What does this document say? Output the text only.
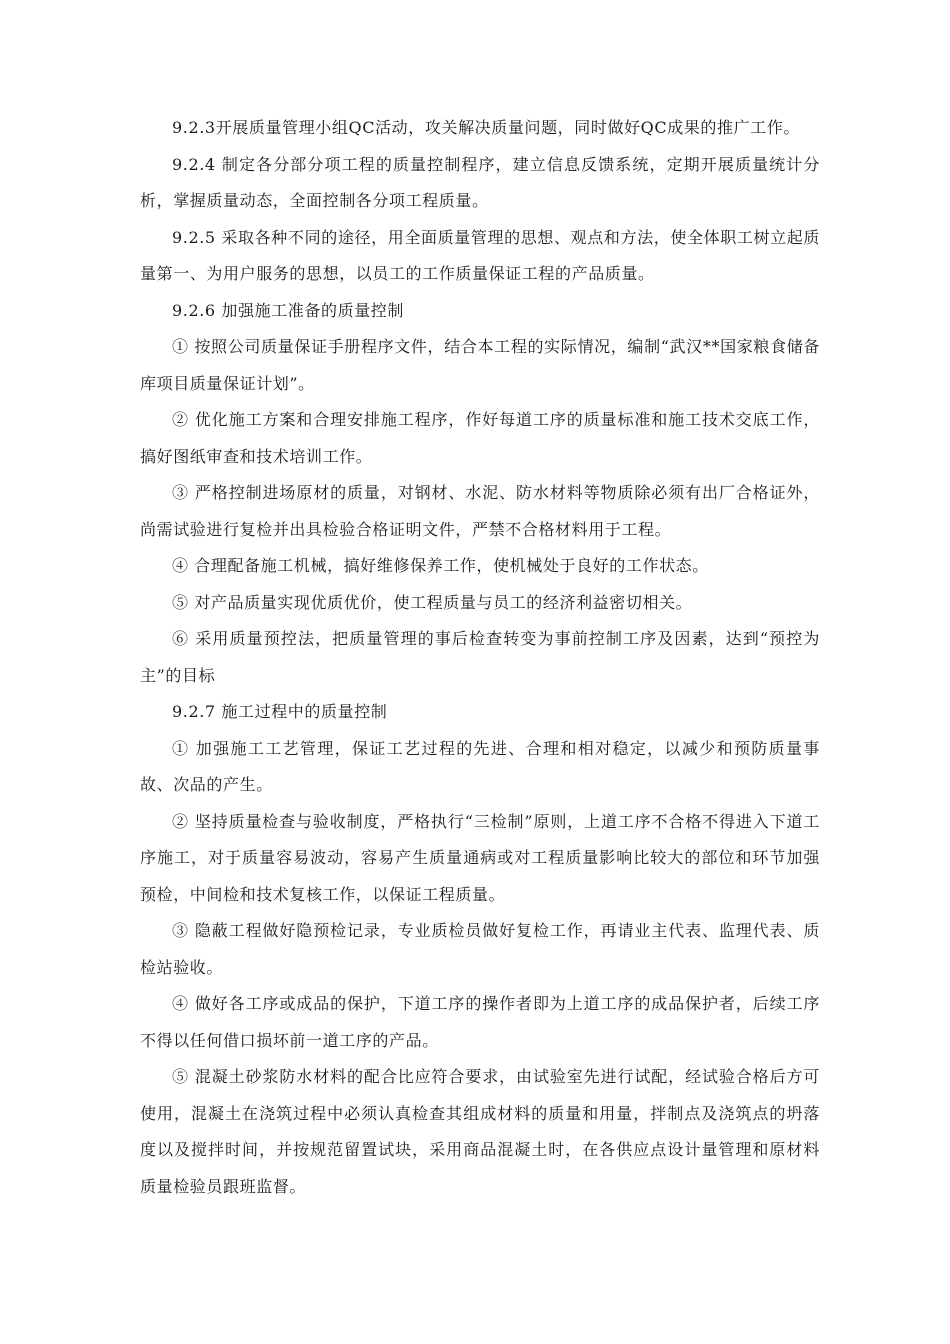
9.2.3开展质量管理小组QC活动，攻关解决质量问题，同时做好QC成果的推广工作。

9.2.4 制定各分部分项工程的质量控制程序，建立信息反馈系统，定期开展质量统计分析，掌握质量动态，全面控制各分项工程质量。

9.2.5 采取各种不同的途径，用全面质量管理的思想、观点和方法，使全体职工树立起质量第一、为用户服务的思想，以员工的工作质量保证工程的产品质量。

9.2.6 加强施工准备的质量控制

① 按照公司质量保证手册程序文件，结合本工程的实际情况，编制“武汉**国家粮食储备库项目质量保证计划”。

② 优化施工方案和合理安排施工程序，作好每道工序的质量标准和施工技术交底工作，搞好图纸审查和技术培训工作。

③ 严格控制进场原材的质量，对钢材、水泥、防水材料等物质除必须有出厂合格证外，尚需试验进行复检并出具检验合格证明文件，严禁不合格材料用于工程。

④ 合理配备施工机械，搞好维修保养工作，使机械处于良好的工作状态。

⑤ 对产品质量实现优质优价，使工程质量与员工的经济利益密切相关。

⑥ 采用质量预控法，把质量管理的事后检查转变为事前控制工序及因素，达到“预控为主”的目标

9.2.7 施工过程中的质量控制

① 加强施工工艺管理，保证工艺过程的先进、合理和相对稳定，以减少和预防质量事故、次品的产生。

② 坚持质量检查与验收制度，严格执行“三检制”原则，上道工序不合格不得进入下道工序施工，对于质量容易波动，容易产生质量通病或对工程质量影响比较大的部位和环节加强预检，中间检和技术复核工作，以保证工程质量。

③ 隐蔽工程做好隐预检记录，专业质检员做好复检工作，再请业主代表、监理代表、质检站验收。

④ 做好各工序或成品的保护，下道工序的操作者即为上道工序的成品保护者，后续工序不得以任何借口损坏前一道工序的产品。

⑤ 混凝土砂浆防水材料的配合比应符合要求，由试验室先进行试配，经试验合格后方可使用，混凝土在浇筑过程中必须认真检查其组成材料的质量和用量，拌制点及浇筑点的坍落度以及搅拌时间，并按规范留置试块，采用商品混凝土时，在各供应点设计量管理和原材料质量检验员跟班监督。
